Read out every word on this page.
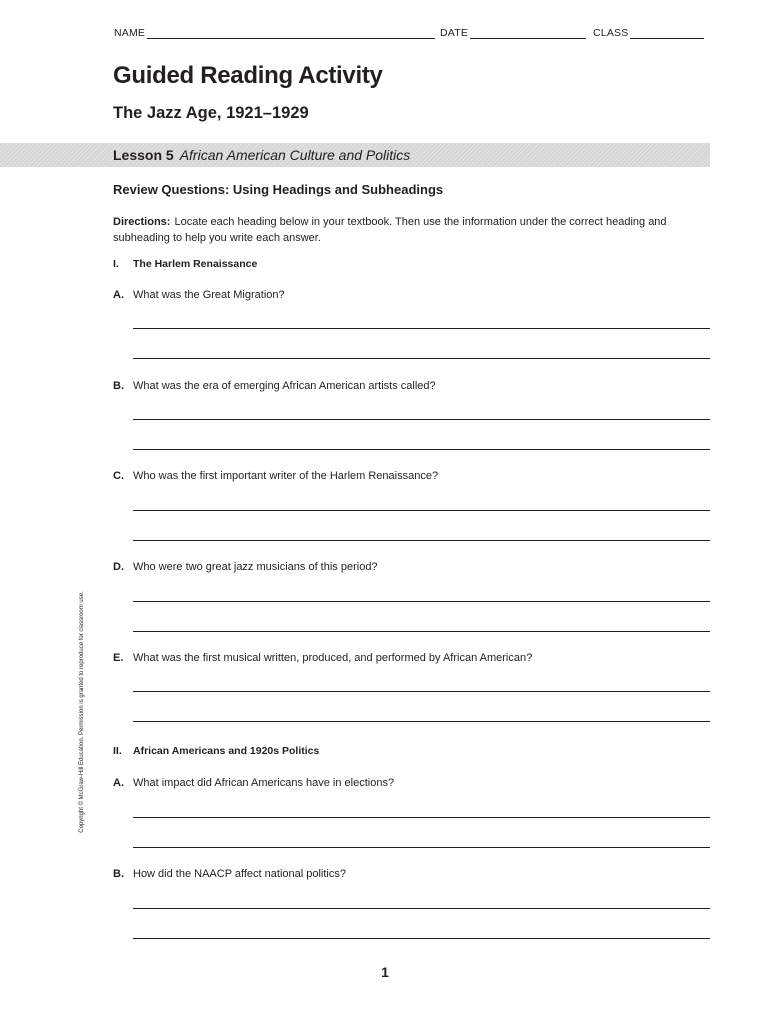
NAME	DATE	CLASS
Guided Reading Activity
The Jazz Age, 1921–1929
Lesson 5 African American Culture and Politics
Review Questions: Using Headings and Subheadings
Directions: Locate each heading below in your textbook. Then use the information under the correct heading and subheading to help you write each answer.
I. The Harlem Renaissance
A. What was the Great Migration?
B. What was the era of emerging African American artists called?
C. Who was the first important writer of the Harlem Renaissance?
D. Who were two great jazz musicians of this period?
E. What was the first musical written, produced, and performed by African American?
II. African Americans and 1920s Politics
A. What impact did African Americans have in elections?
B. How did the NAACP affect national politics?
Copyright © McGraw-Hill Education. Permission is granted to reproduce for classroom use.
1
